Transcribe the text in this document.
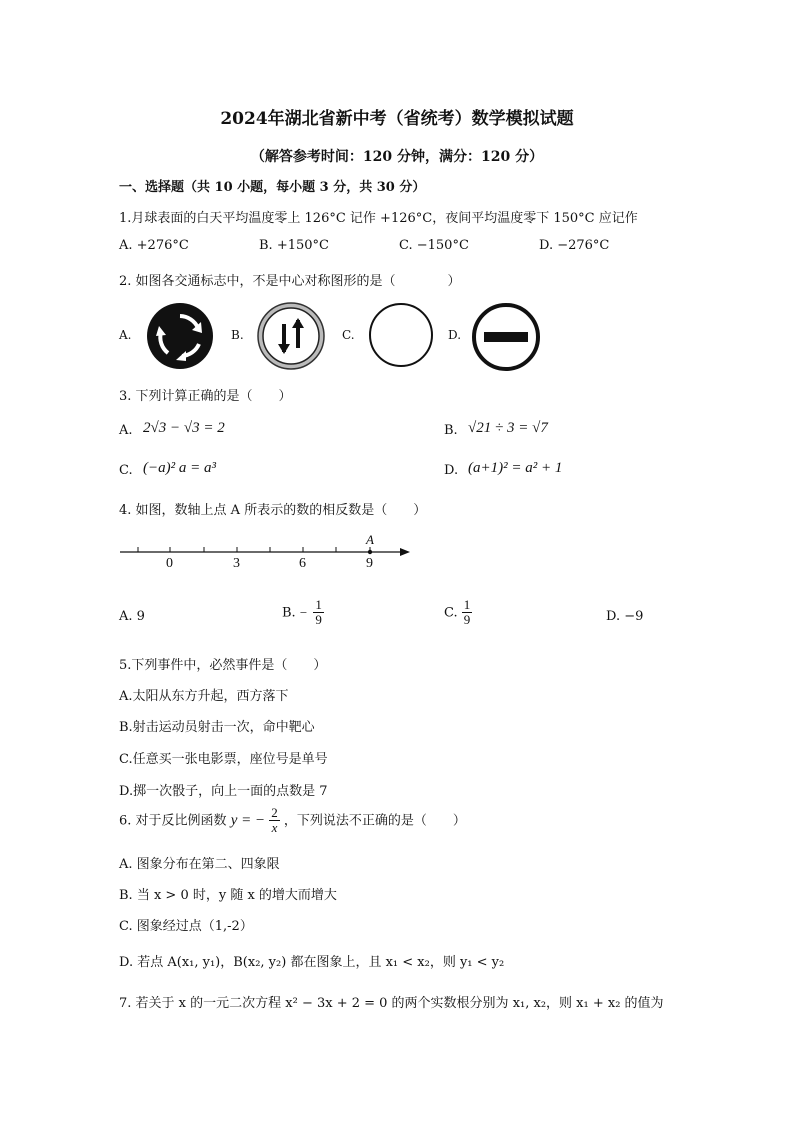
2024年湖北省新中考（省统考）数学模拟试题
（解答参考时间：120 分钟，满分：120 分）
一、选择题（共 10 小题，每小题 3 分，共 30 分）
1.月球表面的白天平均温度零上 126°C 记作 +126°C，夜间平均温度零下 150°C 应记作
A. +276°C	B. +150°C	C. −150°C	D. −276°C
2. 如图各交通标志中，不是中心对称图形的是（　　　　）
A.	B.	C.	D.
3. 下列计算正确的是（　　）
A. 2√3 − √3 = 2	B. √21 ÷ 3 = √7
C. (−a)² a = a³	D. (a+1)² = a² + 1
4. 如图，数轴上点 A 所表示的数的相反数是（　　）
A
0	3	6	9
A. 9	B. − $\frac{1}{9}$	C. $\frac{1}{9}$	D. −9
5.下列事件中，必然事件是（　　）
A.太阳从东方升起，西方落下
B.射击运动员射击一次，命中靶心
C.任意买一张电影票，座位号是单号
D.掷一次骰子，向上一面的点数是 7
6. 对于反比例函数 y = − $\frac{2}{x}$ ，下列说法不正确的是（　　）
A. 图象分布在第二、四象限
B. 当 x > 0 时，y 随 x 的增大而增大
C. 图象经过点（1,-2）
D. 若点 A(x₁, y₁)，B(x₂, y₂) 都在图象上，且 x₁ < x₂，则 y₁ < y₂
7. 若关于 x 的一元二次方程 x² − 3x + 2 = 0 的两个实数根分别为 x₁, x₂，则 x₁ + x₂ 的值为
